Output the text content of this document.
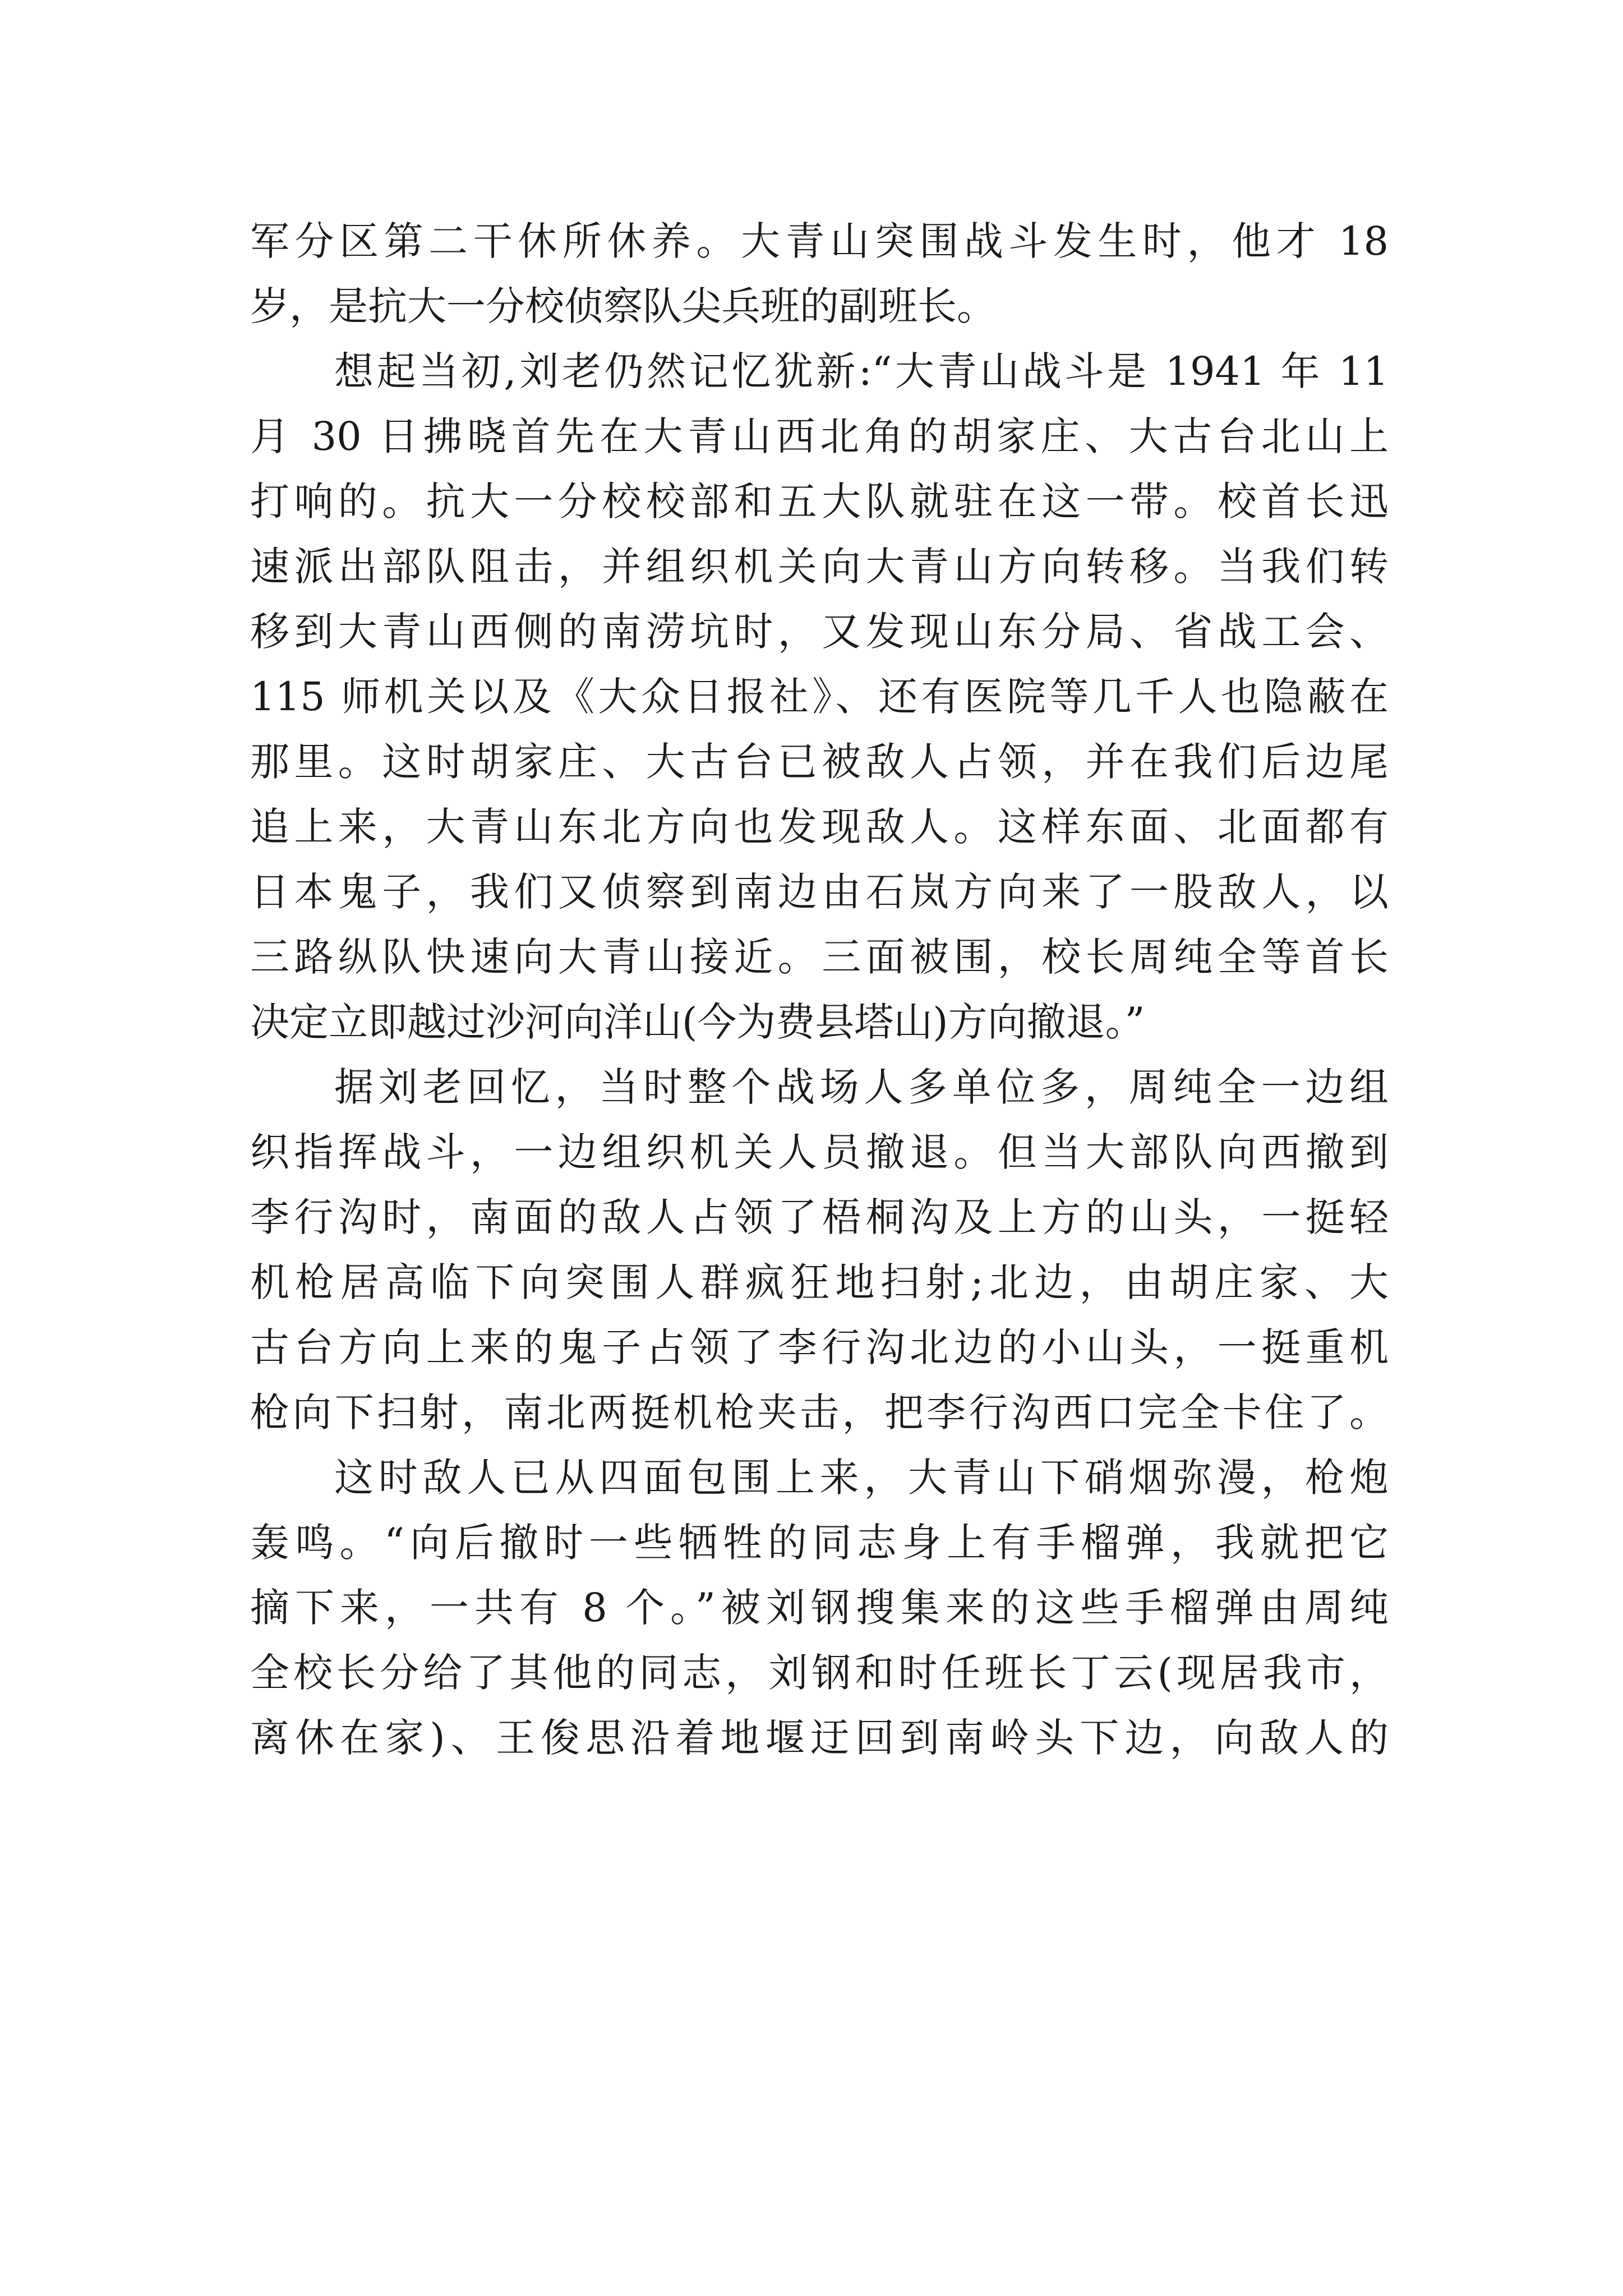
军分区第二干休所休养。大青山突围战斗发生时，他才 18
岁，是抗大一分校侦察队尖兵班的副班长。
想起当初,刘老仍然记忆犹新:“大青山战斗是 1941 年 11
月 30 日拂晓首先在大青山西北角的胡家庄、大古台北山上
打响的。抗大一分校校部和五大队就驻在这一带。校首长迅
速派出部队阻击，并组织机关向大青山方向转移。当我们转
移到大青山西侧的南涝坑时，又发现山东分局、省战工会、
115 师机关以及《大众日报社》、还有医院等几千人也隐蔽在
那里。这时胡家庄、大古台已被敌人占领，并在我们后边尾
追上来，大青山东北方向也发现敌人。这样东面、北面都有
日本鬼子，我们又侦察到南边由石岚方向来了一股敌人，以
三路纵队快速向大青山接近。三面被围，校长周纯全等首长
决定立即越过沙河向洋山(今为费县塔山)方向撤退。”
据刘老回忆，当时整个战场人多单位多，周纯全一边组
织指挥战斗，一边组织机关人员撤退。但当大部队向西撤到
李行沟时，南面的敌人占领了梧桐沟及上方的山头，一挺轻
机枪居高临下向突围人群疯狂地扫射;北边，由胡庄家、大
古台方向上来的鬼子占领了李行沟北边的小山头，一挺重机
枪向下扫射，南北两挺机枪夹击，把李行沟西口完全卡住了。
这时敌人已从四面包围上来，大青山下硝烟弥漫，枪炮
轰鸣。“向后撤时一些牺牲的同志身上有手榴弹，我就把它
摘下来，一共有 8 个。”被刘钢搜集来的这些手榴弹由周纯
全校长分给了其他的同志，刘钢和时任班长丁云(现居我市，
离休在家)、王俊思沿着地堰迂回到南岭头下边，向敌人的
